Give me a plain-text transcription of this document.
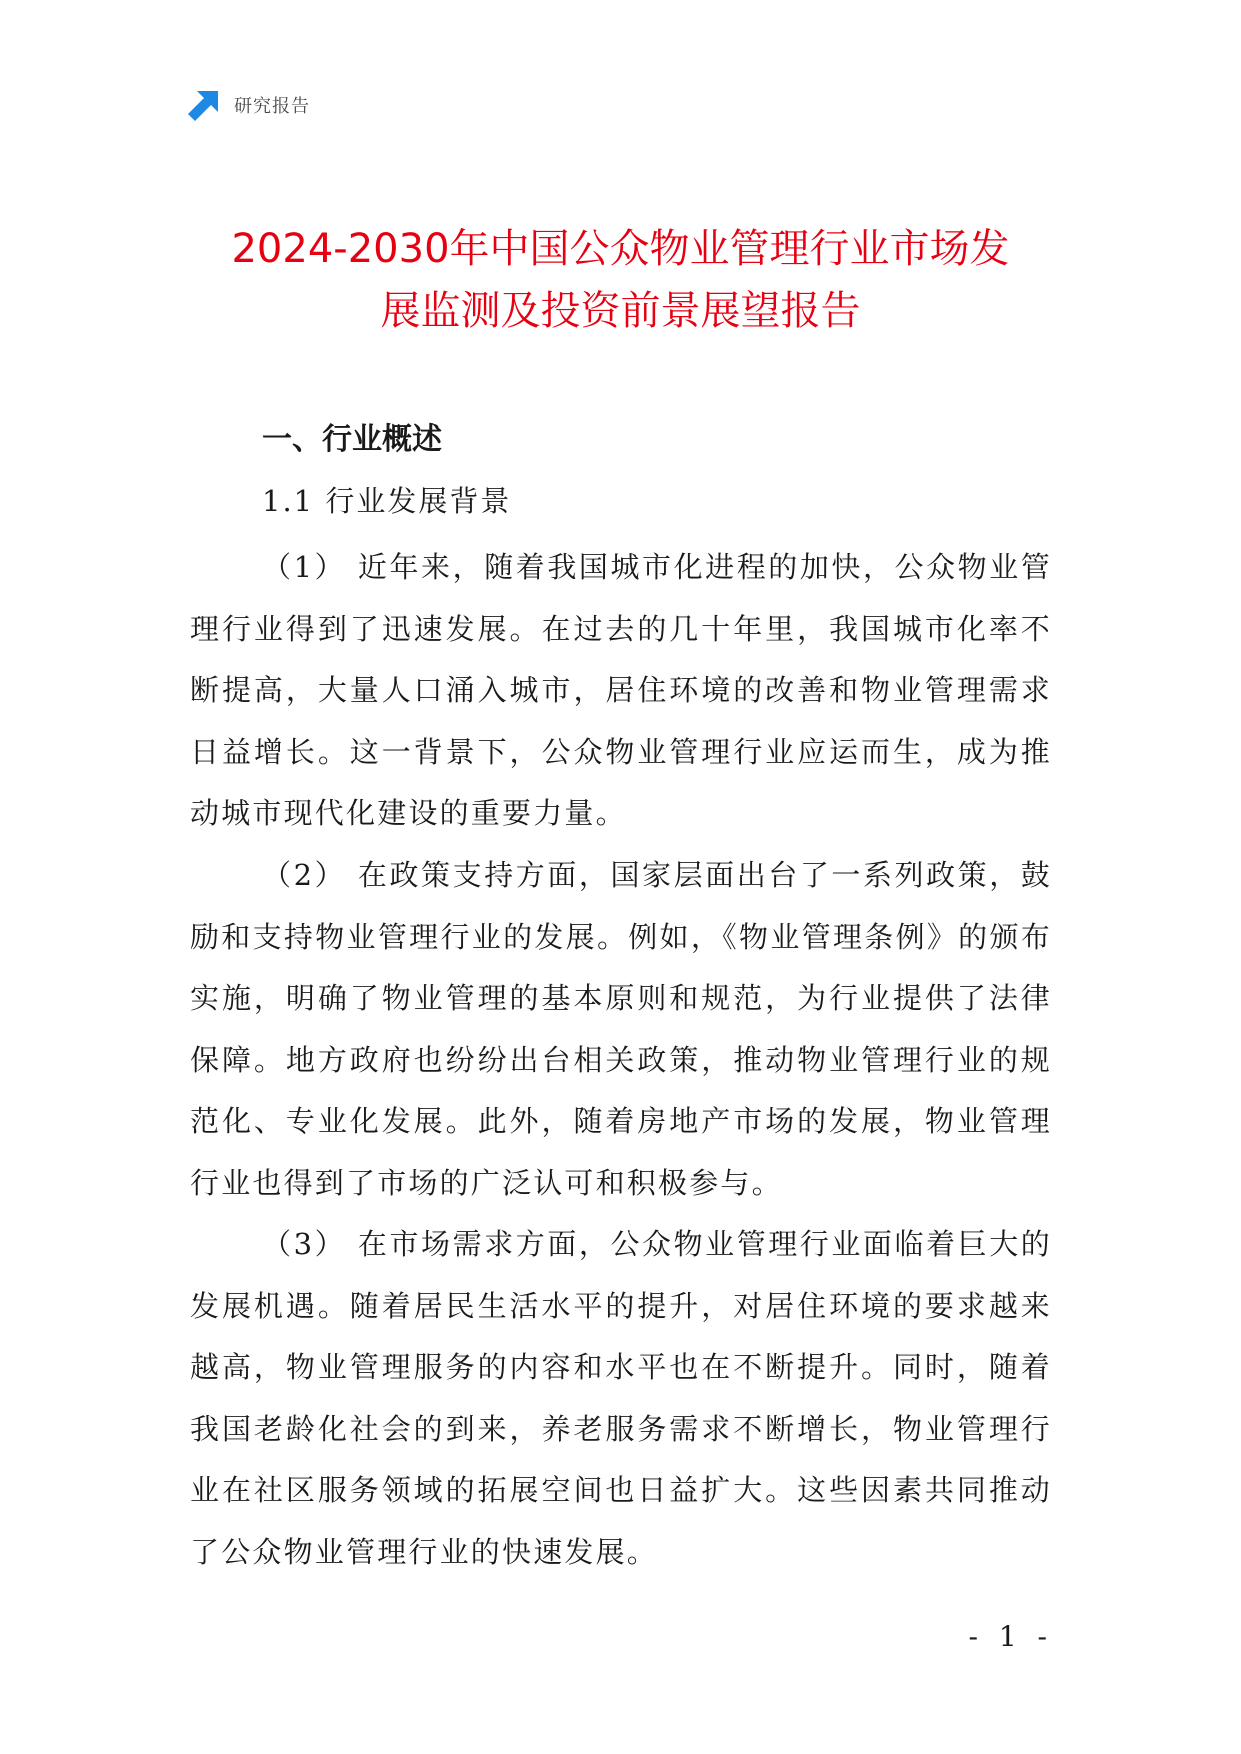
研究报告
2024-2030年中国公众物业管理行业市场发
展监测及投资前景展望报告
一、行业概述
1.1 行业发展背景

（1） 近年来，随着我国城市化进程的加快，公众物业管理行业得到了迅速发展。在过去的几十年里，我国城市化率不断提高，大量人口涌入城市，居住环境的改善和物业管理需求日益增长。这一背景下，公众物业管理行业应运而生，成为推动城市现代化建设的重要力量。

（2） 在政策支持方面，国家层面出台了一系列政策，鼓励和支持物业管理行业的发展。例如，《物业管理条例》的颁布实施，明确了物业管理的基本原则和规范，为行业提供了法律保障。地方政府也纷纷出台相关政策，推动物业管理行业的规范化、专业化发展。此外，随着房地产市场的发展，物业管理行业也得到了市场的广泛认可和积极参与。

（3） 在市场需求方面，公众物业管理行业面临着巨大的发展机遇。随着居民生活水平的提升，对居住环境的要求越来越高，物业管理服务的内容和水平也在不断提升。同时，随着我国老龄化社会的到来，养老服务需求不断增长，物业管理行业在社区服务领域的拓展空间也日益扩大。这些因素共同推动了公众物业管理行业的快速发展。

- 1 -
